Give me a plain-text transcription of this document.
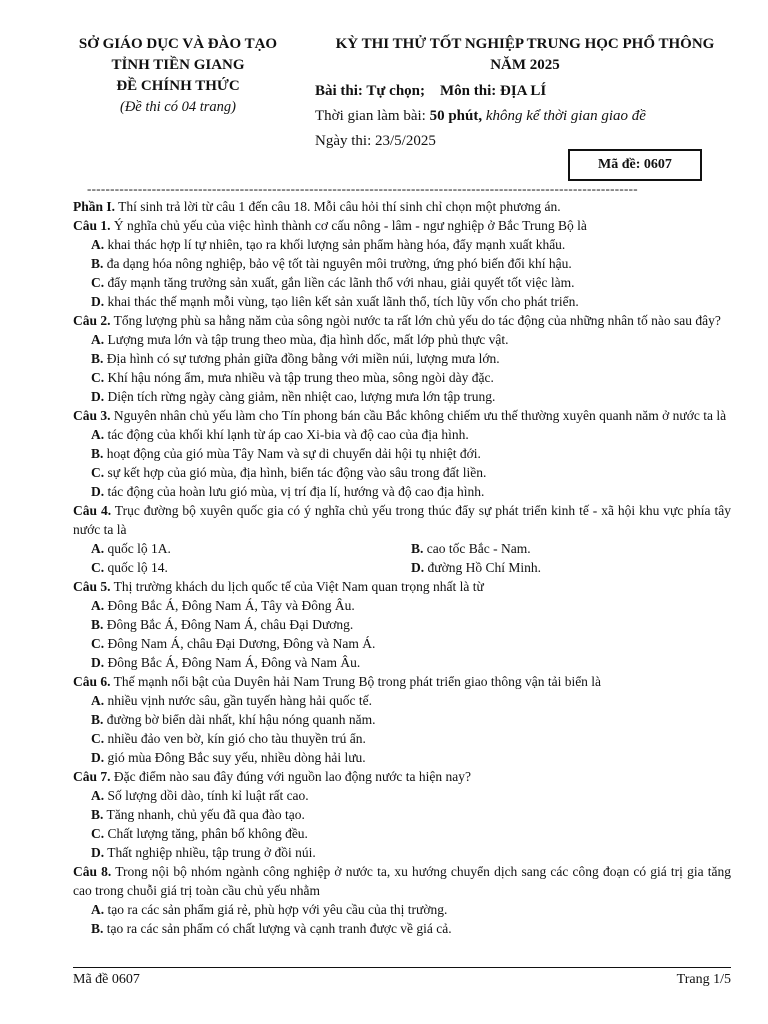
SỞ GIÁO DỤC VÀ ĐÀO TẠO
TỈNH TIỀN GIANG
ĐỀ CHÍNH THỨC
(Đề thi có 04 trang)
KỲ THI THỬ TỐT NGHIỆP TRUNG HỌC PHỔ THÔNG
NĂM 2025
Bài thi: Tự chọn; Môn thi: ĐỊA LÍ
Thời gian làm bài: 50 phút, không kể thời gian giao đề
Ngày thi: 23/5/2025
Mã đề: 0607
-----------------------------------------------------------------------------------------------------------------------

Phần I. Thí sinh trả lời từ câu 1 đến câu 18. Mỗi câu hỏi thí sinh chỉ chọn một phương án.

Câu 1. Ý nghĩa chủ yếu của việc hình thành cơ cấu nông - lâm - ngư nghiệp ở Bắc Trung Bộ là

A. khai thác hợp lí tự nhiên, tạo ra khối lượng sản phẩm hàng hóa, đẩy mạnh xuất khẩu.

B. đa dạng hóa nông nghiệp, bảo vệ tốt tài nguyên môi trường, ứng phó biến đổi khí hậu.

C. đẩy mạnh tăng trưởng sản xuất, gắn liền các lãnh thổ với nhau, giải quyết tốt việc làm.

D. khai thác thế mạnh mỗi vùng, tạo liên kết sản xuất lãnh thổ, tích lũy vốn cho phát triển.

Câu 2. Tổng lượng phù sa hằng năm của sông ngòi nước ta rất lớn chủ yếu do tác động của những nhân tố nào sau đây?

A. Lượng mưa lớn và tập trung theo mùa, địa hình dốc, mất lớp phủ thực vật.

B. Địa hình có sự tương phản giữa đồng bằng với miền núi, lượng mưa lớn.

C. Khí hậu nóng ẩm, mưa nhiều và tập trung theo mùa, sông ngòi dày đặc.

D. Diện tích rừng ngày càng giảm, nền nhiệt cao, lượng mưa lớn tập trung.

Câu 3. Nguyên nhân chủ yếu làm cho Tín phong bán cầu Bắc không chiếm ưu thế thường xuyên quanh năm ở nước ta là

A. tác động của khối khí lạnh từ áp cao Xi-bia và độ cao của địa hình.

B. hoạt động của gió mùa Tây Nam và sự di chuyển dải hội tụ nhiệt đới.

C. sự kết hợp của gió mùa, địa hình, biển tác động vào sâu trong đất liền.

D. tác động của hoàn lưu gió mùa, vị trí địa lí, hướng và độ cao địa hình.

Câu 4. Trục đường bộ xuyên quốc gia có ý nghĩa chủ yếu trong thúc đẩy sự phát triển kinh tế - xã hội khu vực phía tây nước ta là

A. quốc lộ 1A.	B. cao tốc Bắc - Nam.

C. quốc lộ 14.	D. đường Hồ Chí Minh.

Câu 5. Thị trường khách du lịch quốc tế của Việt Nam quan trọng nhất là từ

A. Đông Bắc Á, Đông Nam Á, Tây và Đông Âu.

B. Đông Bắc Á, Đông Nam Á, châu Đại Dương.

C. Đông Nam Á, châu Đại Dương, Đông và Nam Á.

D. Đông Bắc Á, Đông Nam Á, Đông và Nam Âu.

Câu 6. Thế mạnh nổi bật của Duyên hải Nam Trung Bộ trong phát triển giao thông vận tải biển là

A. nhiều vịnh nước sâu, gần tuyến hàng hải quốc tế.

B. đường bờ biển dài nhất, khí hậu nóng quanh năm.

C. nhiều đảo ven bờ, kín gió cho tàu thuyền trú ẩn.

D. gió mùa Đông Bắc suy yếu, nhiều dòng hải lưu.

Câu 7. Đặc điểm nào sau đây đúng với nguồn lao động nước ta hiện nay?

A. Số lượng dồi dào, tính kỉ luật rất cao.

B. Tăng nhanh, chủ yếu đã qua đào tạo.

C. Chất lượng tăng, phân bố không đều.

D. Thất nghiệp nhiều, tập trung ở đồi núi.

Câu 8. Trong nội bộ nhóm ngành công nghiệp ở nước ta, xu hướng chuyển dịch sang các công đoạn có giá trị gia tăng cao trong chuỗi giá trị toàn cầu chủ yếu nhằm

A. tạo ra các sản phẩm giá rẻ, phù hợp với yêu cầu của thị trường.

B. tạo ra các sản phẩm có chất lượng và cạnh tranh được về giá cả.

Mã đề 0607	Trang 1/5
